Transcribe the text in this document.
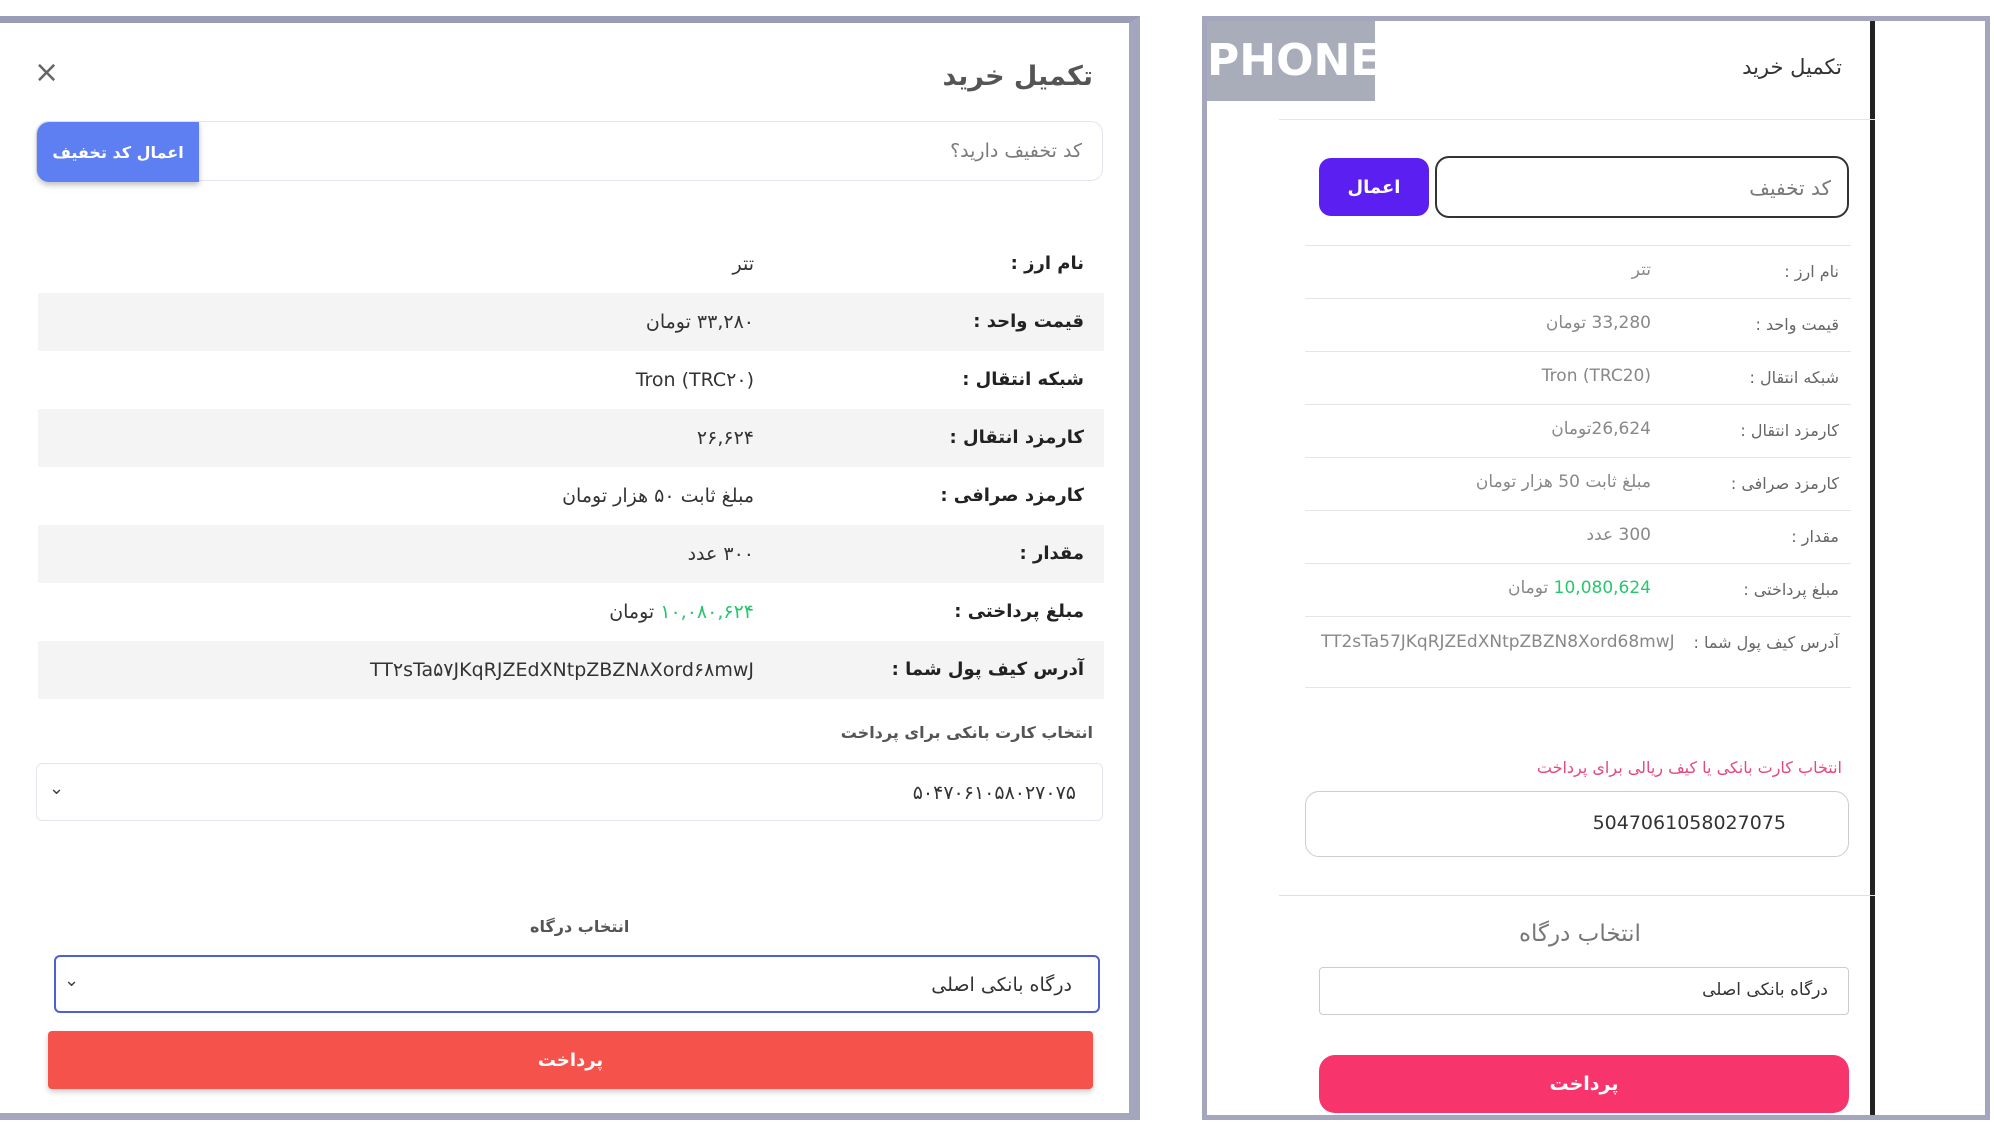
تکمیل خرید
×
کد تخفیف دارید؟
اعمال کد تخفیف
نام ارز :
تتر
قیمت واحد :
۳۳,۲۸۰ تومان
شبکه انتقال :
Tron (TRC۲۰)
کارمزد انتقال :
۲۶,۶۲۴
کارمزد صرافی :
مبلغ ثابت ۵۰ هزار تومان
مقدار :
۳۰۰ عدد
مبلغ پرداختی :
۱۰,۰۸۰,۶۲۴ تومان
آدرس کیف پول شما :
TT۲sTa۵۷JKqRJZEdXNtpZBZN۸Xord۶۸mwJ
انتخاب کارت بانکی برای پرداخت
۵۰۴۷۰۶۱۰۵۸۰۲۷۰۷۵
⌄
انتخاب درگاه
درگاه بانکی اصلی
⌄
پرداخت
PHONE	تکمیل خرید
کد تخفیف
اعمال
نام ارز :
تتر
قیمت واحد :
33,280 تومان
شبکه انتقال :
Tron (TRC20)
کارمزد انتقال :
26,624تومان
کارمزد صرافی :
مبلغ ثابت 50 هزار تومان
مقدار :
300 عدد
مبلغ پرداختی :
10,080,624 تومان
آدرس کیف پول شما :
TT2sTa57JKqRJZEdXNtpZBZN8Xord68mwJ
انتخاب کارت بانکی یا کیف ریالی برای پرداخت
5047061058027075
انتخاب درگاه
درگاه بانکی اصلی
پرداخت
